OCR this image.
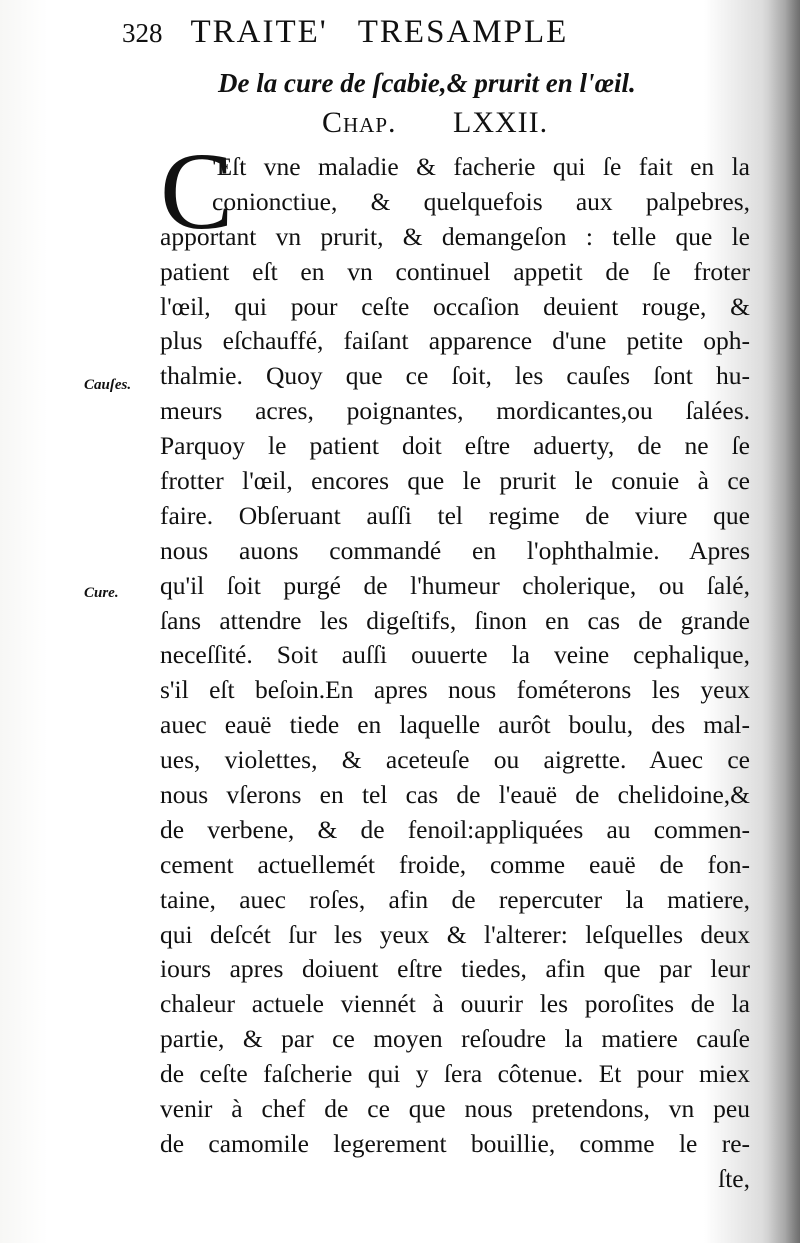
328 TRAITE' TRESAMPLE
De la cure de ſcabie,& prurit en l'œil.
Chap. LXXII.
C
'Eſt vne maladie & facherie qui ſe fait en la
conionctiue, & quelquefois aux palpebres,
apportant vn prurit, & demangeſon : telle que le
patient eſt en vn continuel appetit de ſe froter
l'œil, qui pour ceſte occaſion deuient rouge, &
plus eſchauffé, faiſant apparence d'une petite oph-
thalmie. Quoy que ce ſoit, les cauſes ſont hu-
meurs acres, poignantes, mordicantes,ou ſalées.
Parquoy le patient doit eſtre aduerty, de ne ſe
frotter l'œil, encores que le prurit le conuie à ce
faire. Obſeruant auſſi tel regime de viure que
nous auons commandé en l'ophthalmie. Apres
qu'il ſoit purgé de l'humeur cholerique, ou ſalé,
ſans attendre les digeſtifs, ſinon en cas de grande
neceſſité. Soit auſſi ouuerte la veine cephalique,
s'il eſt beſoin.En apres nous fométerons les yeux
auec eauë tiede en laquelle aurôt boulu, des mal-
ues, violettes, & aceteuſe ou aigrette. Auec ce
nous vſerons en tel cas de l'eauë de chelidoine,&
de verbene, & de fenoil:appliquées au commen-
cement actuellemét froide, comme eauë de fon-
taine, auec roſes, afin de repercuter la matiere,
qui deſcét ſur les yeux & l'alterer: leſquelles deux
iours apres doiuent eſtre tiedes, afin que par leur
chaleur actuele viennét à ouurir les poroſites de la
partie, & par ce moyen reſoudre la matiere cauſe
de ceſte faſcherie qui y ſera côtenue. Et pour miex
venir à chef de ce que nous pretendons, vn peu
de camomile legerement bouillie, comme le re-
ſte,
Cauſes.
Cure.
